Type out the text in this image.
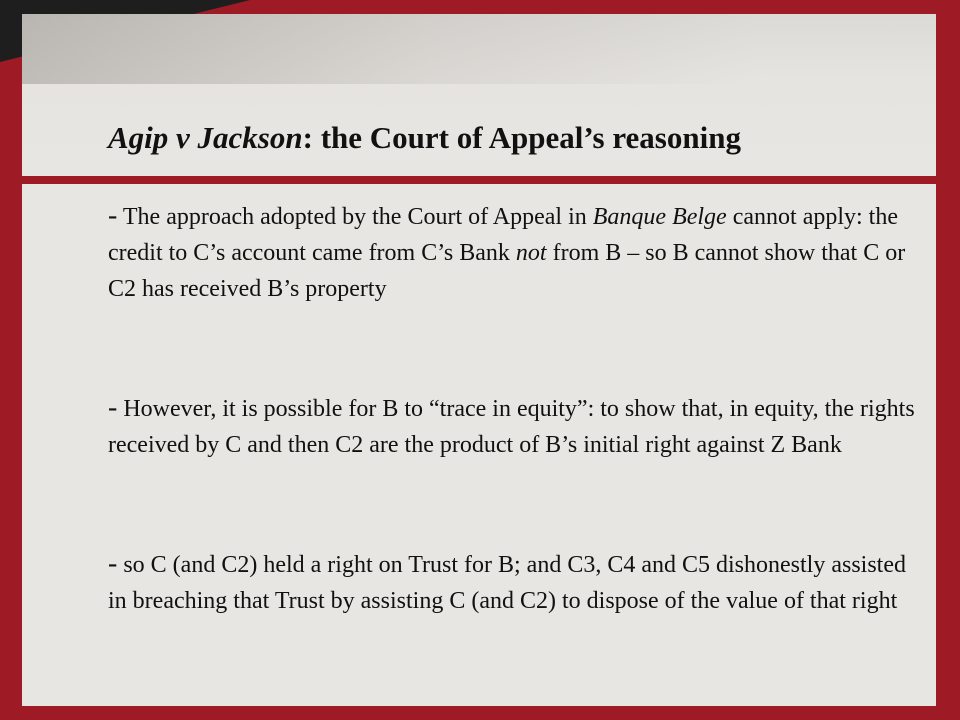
Agip v Jackson: the Court of Appeal’s reasoning

- The approach adopted by the Court of Appeal in Banque Belge cannot apply: the credit to C’s account came from C’s Bank not from B – so B cannot show that C or C2 has received B’s property

- However, it is possible for B to “trace in equity”: to show that, in equity, the rights received by C and then C2 are the product of B’s initial right against Z Bank

- so C (and C2) held a right on Trust for B; and C3, C4 and C5 dishonestly assisted in breaching that Trust by assisting C (and C2) to dispose of the value of that right
